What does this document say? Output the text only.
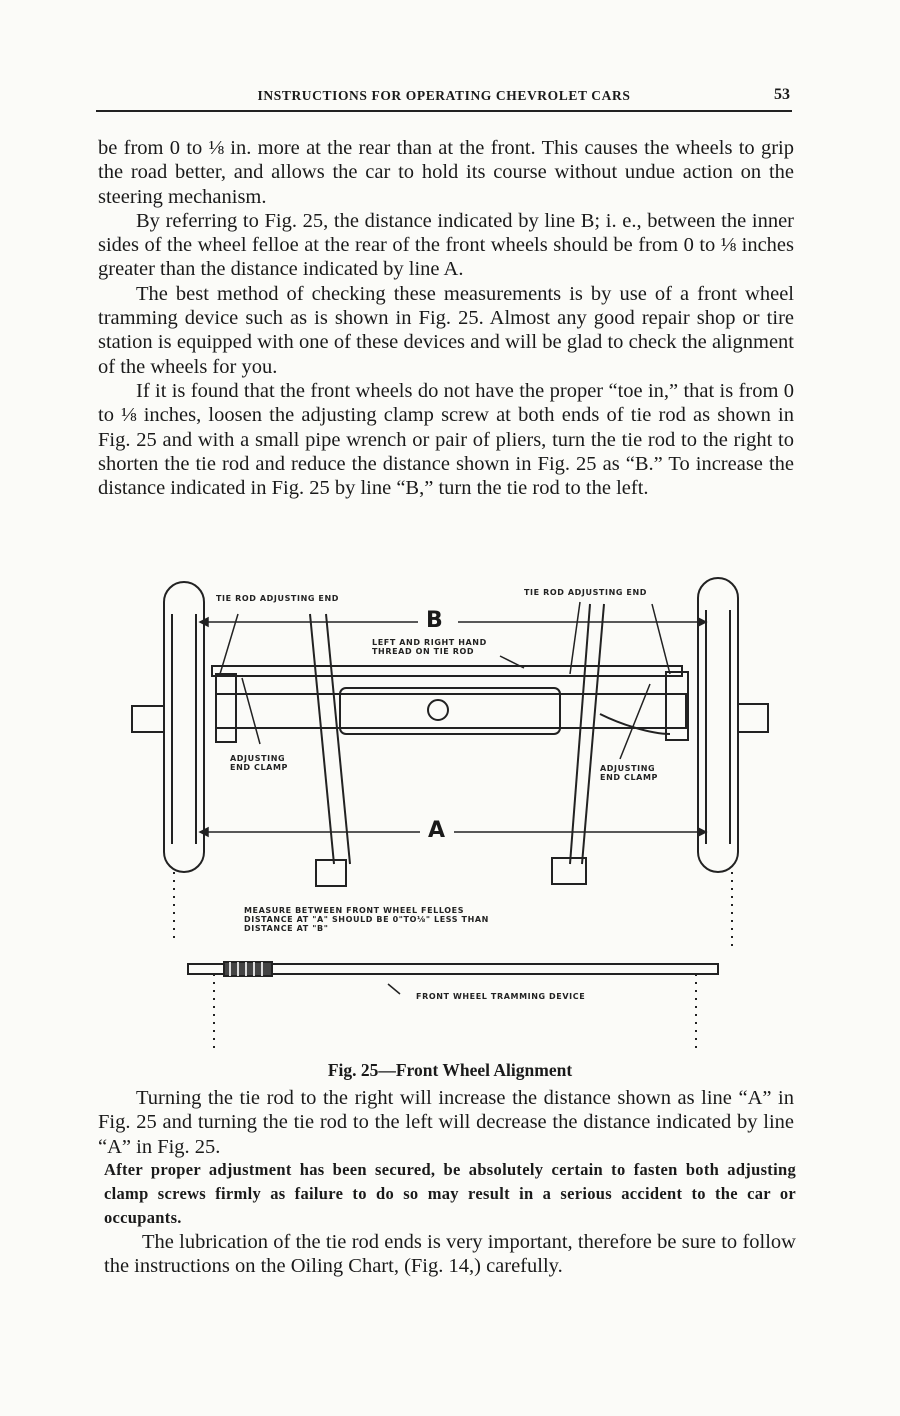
INSTRUCTIONS FOR OPERATING CHEVROLET CARS	53

be from 0 to ⅛ in. more at the rear than at the front. This causes the wheels to grip the road better, and allows the car to hold its course without undue action on the steering mechanism.

By referring to Fig. 25, the distance indicated by line B; i. e., between the inner sides of the wheel felloe at the rear of the front wheels should be from 0 to ⅛ inches greater than the distance indicated by line A.

The best method of checking these measurements is by use of a front wheel tramming device such as is shown in Fig. 25. Almost any good repair shop or tire station is equipped with one of these devices and will be glad to check the alignment of the wheels for you.

If it is found that the front wheels do not have the proper “toe in,” that is from 0 to ⅛ inches, loosen the adjusting clamp screw at both ends of tie rod as shown in Fig. 25 and with a small pipe wrench or pair of pliers, turn the tie rod to the right to shorten the tie rod and reduce the distance shown in Fig. 25 as “B.” To increase the distance indicated in Fig. 25 by line “B,” turn the tie rod to the left.

TIE ROD ADJUSTING END
TIE ROD ADJUSTING END
B
A
LEFT AND RIGHT HAND
THREAD ON TIE ROD
ADJUSTING
END CLAMP	ADJUSTING
END CLAMP
MEASURE BETWEEN FRONT WHEEL FELLOES
DISTANCE AT "A" SHOULD BE 0"TO⅛" LESS THAN
DISTANCE AT "B"
FRONT WHEEL TRAMMING DEVICE
Fig. 25—Front Wheel Alignment

Turning the tie rod to the right will increase the distance shown as line “A” in Fig. 25 and turning the tie rod to the left will decrease the distance indicated by line “A” in Fig. 25.

After proper adjustment has been secured, be absolutely certain to fasten both adjusting clamp screws firmly as failure to do so may result in a serious accident to the car or occupants.

The lubrication of the tie rod ends is very important, therefore be sure to follow the instructions on the Oiling Chart, (Fig. 14,) carefully.
